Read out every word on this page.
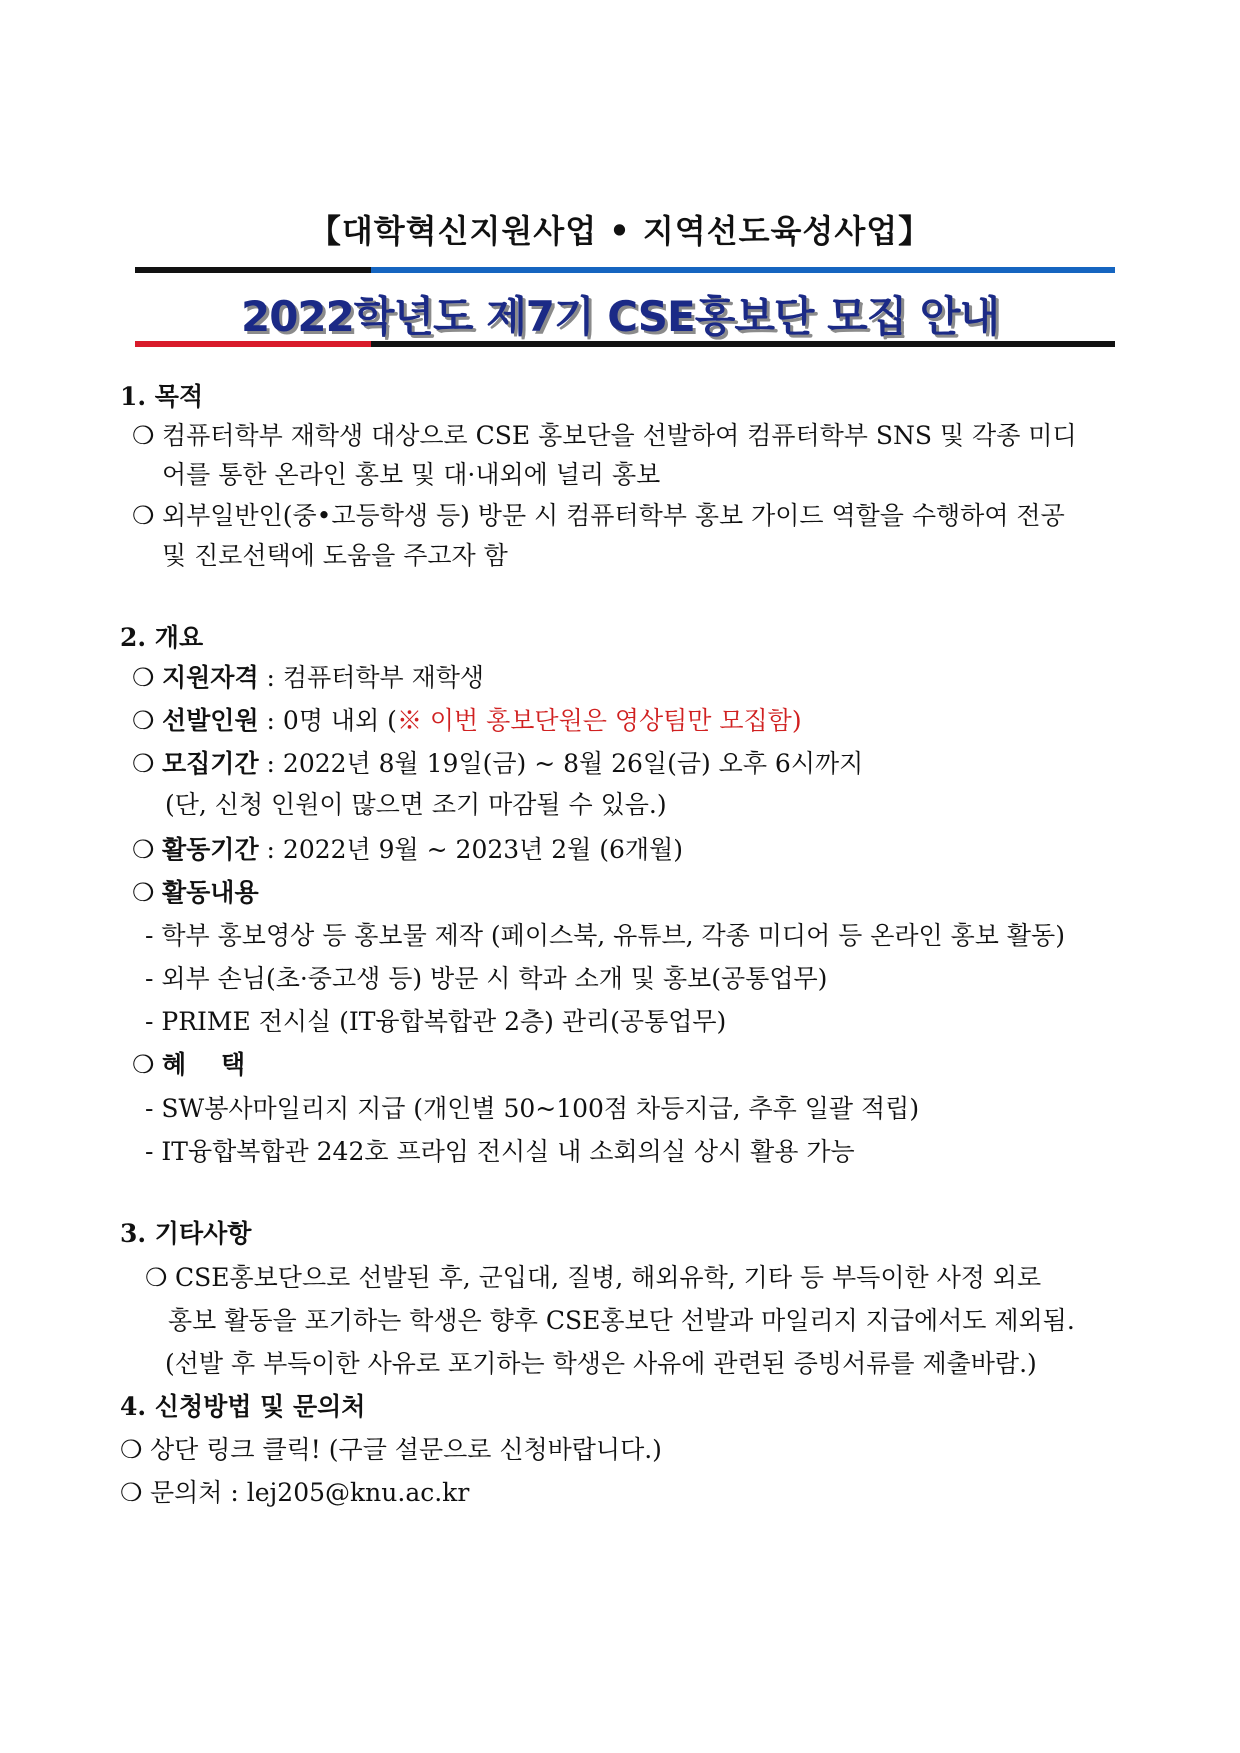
【대학혁신지원사업 • 지역선도육성사업】
2022학년도 제7기 CSE홍보단 모집 안내
1. 목적
❍ 컴퓨터학부 재학생 대상으로 CSE 홍보단을 선발하여 컴퓨터학부 SNS 및 각종 미디
어를 통한 온라인 홍보 및 대·내외에 널리 홍보
❍ 외부일반인(중•고등학생 등) 방문 시 컴퓨터학부 홍보 가이드 역할을 수행하여 전공
및 진로선택에 도움을 주고자 함
2. 개요
❍ 지원자격 : 컴퓨터학부 재학생
❍ 선발인원 : 0명 내외 (※ 이번 홍보단원은 영상팀만 모집함)
❍ 모집기간 : 2022년 8월 19일(금) ~ 8월 26일(금) 오후 6시까지
(단, 신청 인원이 많으면 조기 마감될 수 있음.)
❍ 활동기간 : 2022년 9월 ~ 2023년 2월 (6개월)
❍ 활동내용
- 학부 홍보영상 등 홍보물 제작 (페이스북, 유튜브, 각종 미디어 등 온라인 홍보 활동)
- 외부 손님(초·중고생 등) 방문 시 학과 소개 및 홍보(공통업무)
- PRIME 전시실 (IT융합복합관 2층) 관리(공통업무)
❍ 혜    택
- SW봉사마일리지 지급 (개인별 50~100점 차등지급, 추후 일괄 적립)
- IT융합복합관 242호 프라임 전시실 내 소회의실 상시 활용 가능
3. 기타사항
❍ CSE홍보단으로 선발된 후, 군입대, 질병, 해외유학, 기타 등 부득이한 사정 외로
홍보 활동을 포기하는 학생은 향후 CSE홍보단 선발과 마일리지 지급에서도 제외됨.
(선발 후 부득이한 사유로 포기하는 학생은 사유에 관련된 증빙서류를 제출바람.)
4. 신청방법 및 문의처
❍ 상단 링크 클릭! (구글 설문으로 신청바랍니다.)
❍ 문의처 : lej205@knu.ac.kr
